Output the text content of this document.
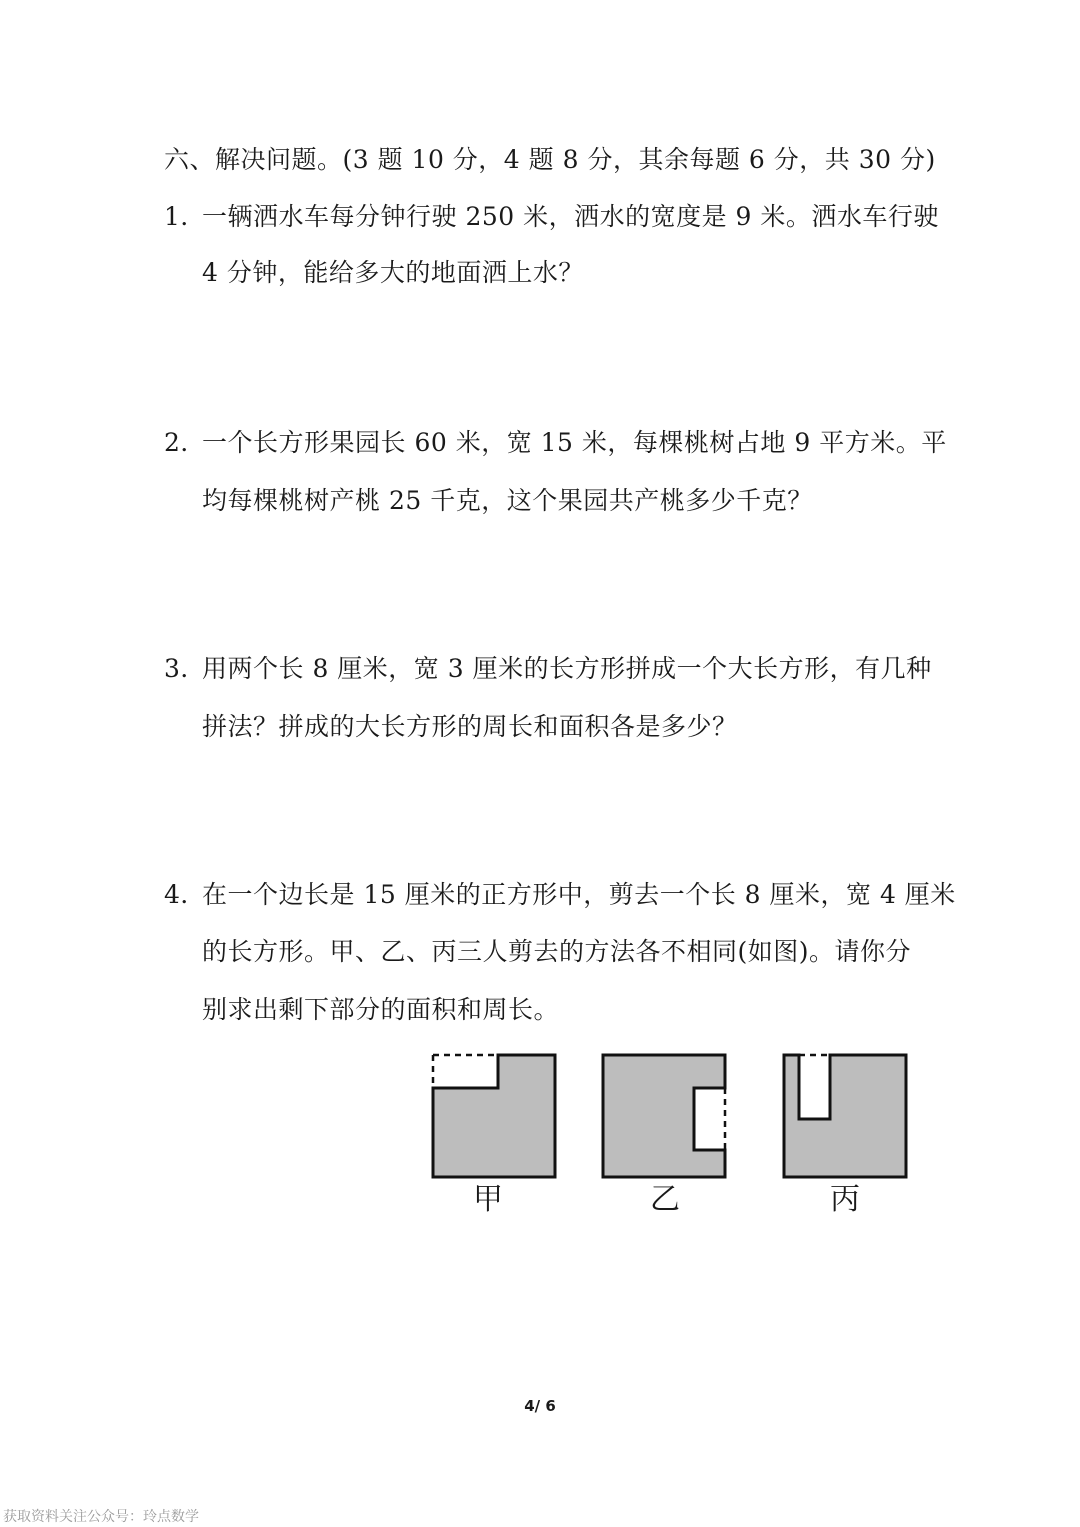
六、解决问题。(3 题 10 分，4 题 8 分，其余每题 6 分，共 30 分)
1．一辆洒水车每分钟行驶 250 米，洒水的宽度是 9 米。洒水车行驶
4 分钟，能给多大的地面洒上水？
2．一个长方形果园长 60 米，宽 15 米，每棵桃树占地 9 平方米。平
均每棵桃树产桃 25 千克，这个果园共产桃多少千克？
3．用两个长 8 厘米，宽 3 厘米的长方形拼成一个大长方形，有几种
拼法？拼成的大长方形的周长和面积各是多少？
4．在一个边长是 15 厘米的正方形中，剪去一个长 8 厘米，宽 4 厘米
的长方形。甲、乙、丙三人剪去的方法各不相同(如图)。请你分
别求出剩下部分的面积和周长。
甲	乙	丙
4/ 6
获取资料关注公众号：玲点数学
